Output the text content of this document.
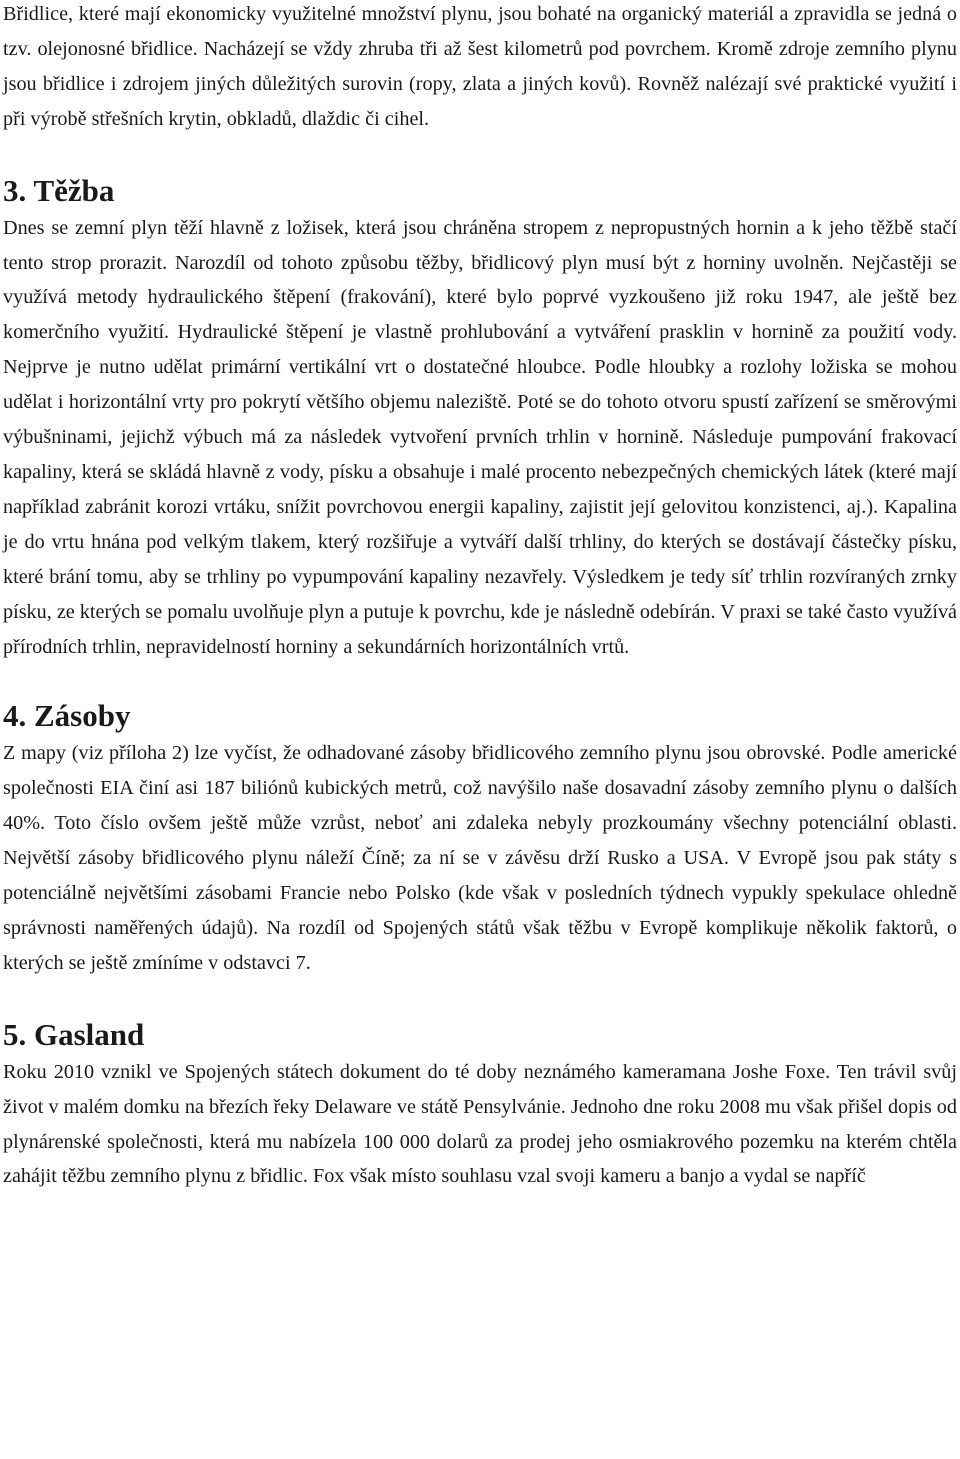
Břidlice, které mají ekonomicky využitelné množství plynu, jsou bohaté na organický materiál a zpravidla se jedná o tzv. olejonosné břidlice. Nacházejí se vždy zhruba tři až šest kilometrů pod povrchem. Kromě zdroje zemního plynu jsou břidlice i zdrojem jiných důležitých surovin (ropy, zlata a jiných kovů). Rovněž nalézají své praktické využití i při výrobě střešních krytin, obkladů, dlaždic či cihel.

3. Těžba

Dnes se zemní plyn těží hlavně z ložisek, která jsou chráněna stropem z nepropustných hornin a k jeho těžbě stačí tento strop prorazit. Narozdíl od tohoto způsobu těžby, břidlicový plyn musí být z horniny uvolněn. Nejčastěji se využívá metody hydraulického štěpení (frakování), které bylo poprvé vyzkoušeno již roku 1947, ale ještě bez komerčního využití. Hydraulické štěpení je vlastně prohlubování a vytváření prasklin v hornině za použití vody. Nejprve je nutno udělat primární vertikální vrt o dostatečné hloubce. Podle hloubky a rozlohy ložiska se mohou udělat i horizontální vrty pro pokrytí většího objemu naleziště. Poté se do tohoto otvoru spustí zařízení se směrovými výbušninami, jejichž výbuch má za následek vytvoření prvních trhlin v hornině. Následuje pumpování frakovací kapaliny, která se skládá hlavně z vody, písku a obsahuje i malé procento nebezpečných chemických látek (které mají například zabránit korozi vrtáku, snížit povrchovou energii kapaliny, zajistit její gelovitou konzistenci, aj.). Kapalina je do vrtu hnána pod velkým tlakem, který rozšiřuje a vytváří další trhliny, do kterých se dostávají částečky písku, které brání tomu, aby se trhliny po vypumpování kapaliny nezavřely. Výsledkem je tedy síť trhlin rozvíraných zrnky písku, ze kterých se pomalu uvolňuje plyn a putuje k povrchu, kde je následně odebírán. V praxi se také často využívá přírodních trhlin, nepravidelností horniny a sekundárních horizontálních vrtů.

4. Zásoby

Z mapy (viz příloha 2) lze vyčíst, že odhadované zásoby břidlicového zemního plynu jsou obrovské. Podle americké společnosti EIA činí asi 187 biliónů kubických metrů, což navýšilo naše dosavadní zásoby zemního plynu o dalších 40%. Toto číslo ovšem ještě může vzrůst, neboť ani zdaleka nebyly prozkoumány všechny potenciální oblasti. Největší zásoby břidlicového plynu náleží Číně; za ní se v závěsu drží Rusko a USA. V Evropě jsou pak státy s potenciálně největšími zásobami Francie nebo Polsko (kde však v posledních týdnech vypukly spekulace ohledně správnosti naměřených údajů). Na rozdíl od Spojených států však těžbu v Evropě komplikuje několik faktorů, o kterých se ještě zmíníme v odstavci 7.

5. Gasland

Roku 2010 vznikl ve Spojených státech dokument do té doby neznámého kameramana Joshe Foxe. Ten trávil svůj život v malém domku na březích řeky Delaware ve státě Pensylvánie. Jednoho dne roku 2008 mu však přišel dopis od plynárenské společnosti, která mu nabízela 100 000 dolarů za prodej jeho osmiakrového pozemku na kterém chtěla zahájit těžbu zemního plynu z břidlic. Fox však místo souhlasu vzal svoji kameru a banjo a vydal se napříč
